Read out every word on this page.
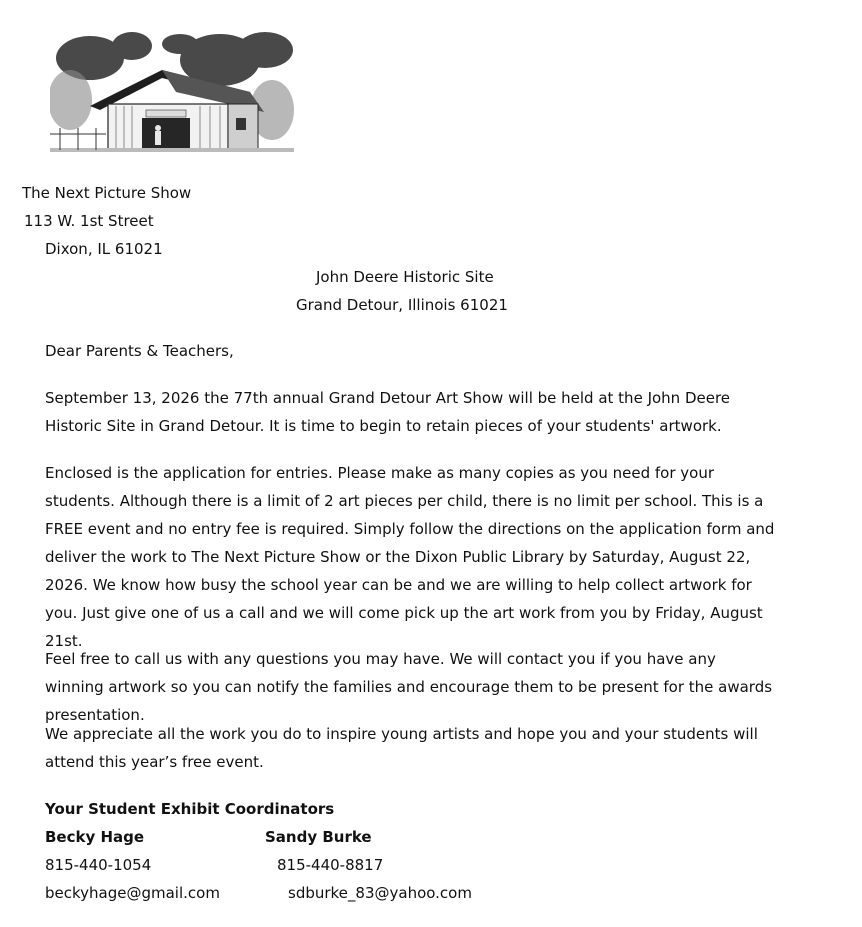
The Next Picture Show
113 W. 1st Street
Dixon, IL 61021
John Deere Historic Site
Grand Detour, Illinois 61021
Dear Parents & Teachers,

September 13, 2026 the 77th annual Grand Detour Art Show will be held at the John Deere Historic Site in Grand Detour. It is time to begin to retain pieces of your students' artwork.

Enclosed is the application for entries. Please make as many copies as you need for your students. Although there is a limit of 2 art pieces per child, there is no limit per school. This is a FREE event and no entry fee is required. Simply follow the directions on the application form and deliver the work to The Next Picture Show or the Dixon Public Library by Saturday, August 22, 2026. We know how busy the school year can be and we are willing to help collect artwork for you. Just give one of us a call and we will come pick up the art work from you by Friday, August 21st.

Feel free to call us with any questions you may have. We will contact you if you have any winning artwork so you can notify the families and encourage them to be present for the awards presentation.

We appreciate all the work you do to inspire young artists and hope you and your students will attend this year’s free event.

Your Student Exhibit Coordinators
Becky Hage
815-440-1054
beckyhage@gmail.com
Sandy Burke
815-440-8817
sdburke_83@yahoo.com
